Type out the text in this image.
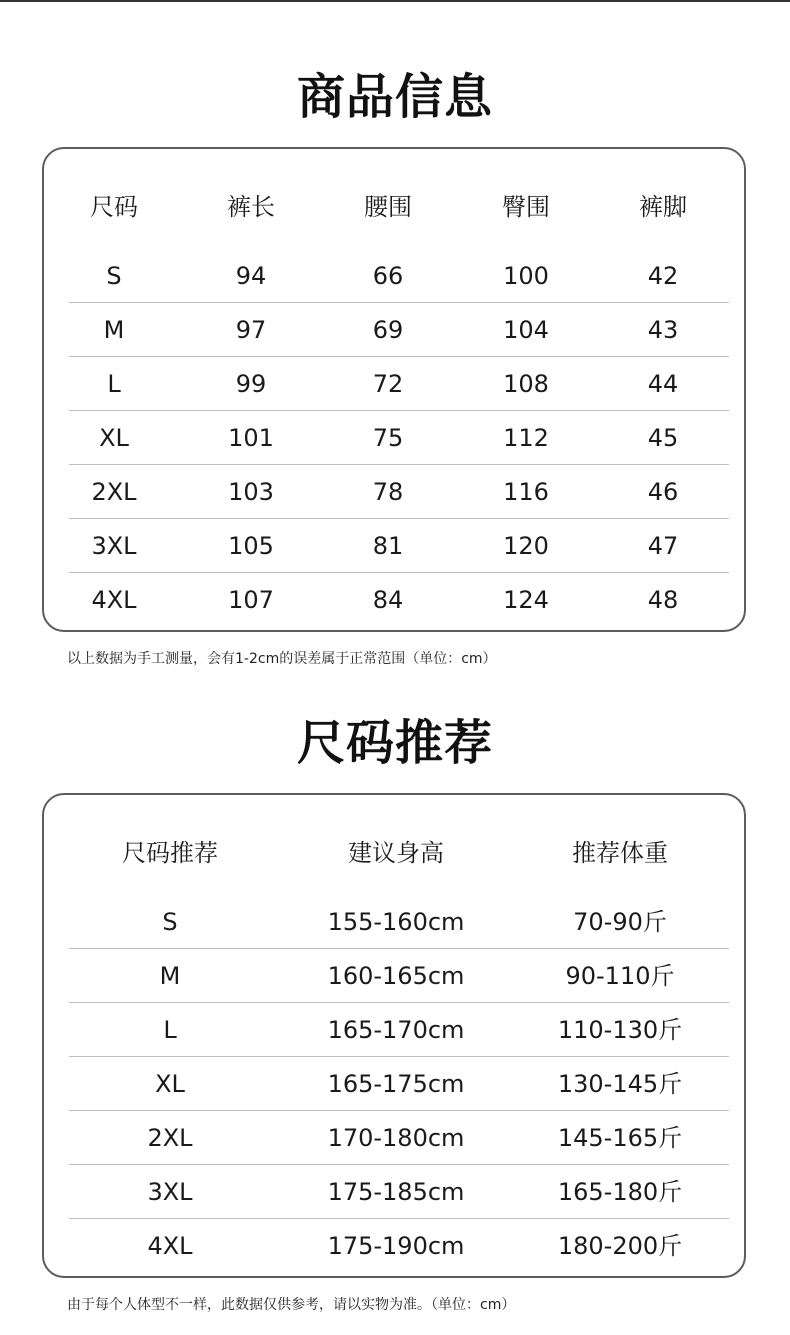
商品信息
尺码	裤长	腰围	臀围	裤脚
S	94	66	100	42
M	97	69	104	43
L	99	72	108	44
XL	101	75	112	45
2XL	103	78	116	46
3XL	105	81	120	47
4XL	107	84	124	48
以上数据为手工测量，会有1-2cm的误差属于正常范围（单位：cm）
尺码推荐
尺码推荐	建议身高	推荐体重
S	155-160cm	70-90斤
M	160-165cm	90-110斤
L	165-170cm	110-130斤
XL	165-175cm	130-145斤
2XL	170-180cm	145-165斤
3XL	175-185cm	165-180斤
4XL	175-190cm	180-200斤
由于每个人体型不一样，此数据仅供参考，请以实物为准。（单位：cm）
